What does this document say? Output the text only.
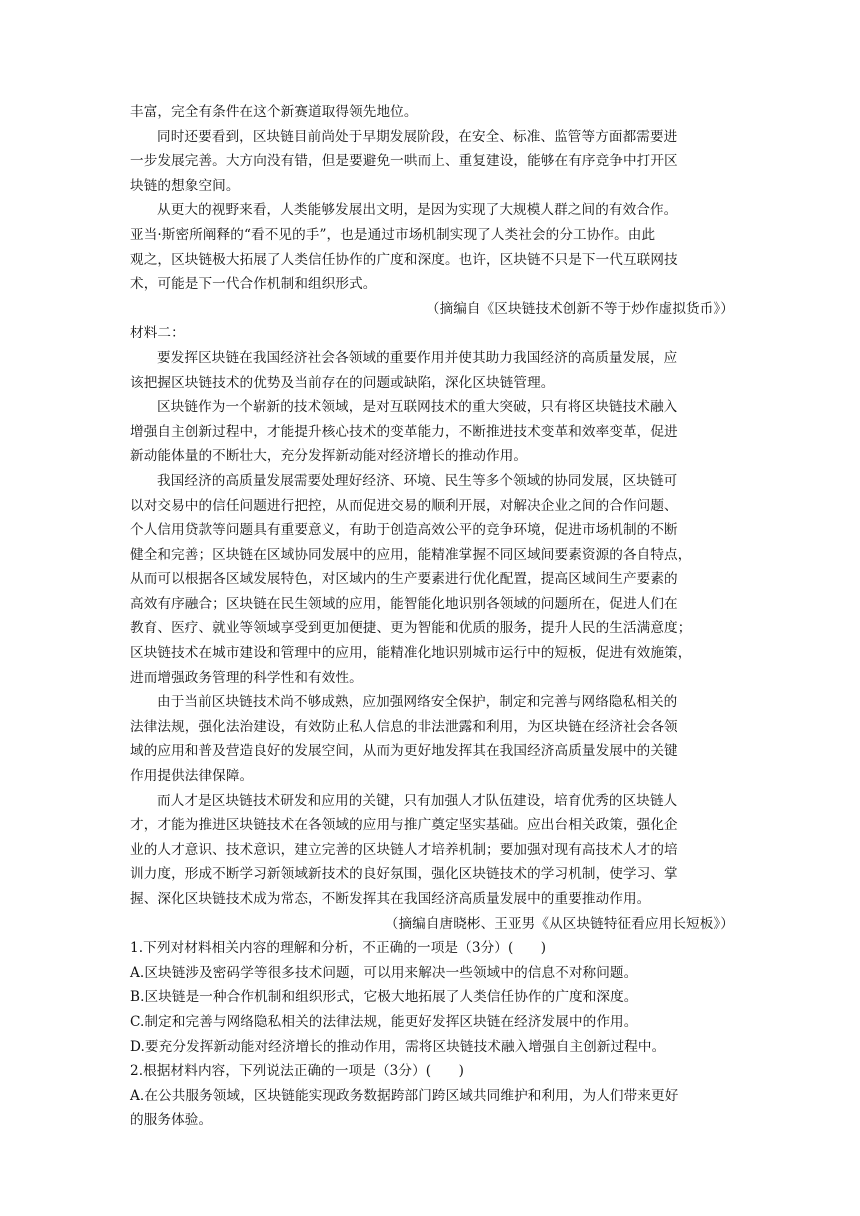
丰富，完全有条件在这个新赛道取得领先地位。
同时还要看到，区块链目前尚处于早期发展阶段，在安全、标准、监管等方面都需要进
一步发展完善。大方向没有错，但是要避免一哄而上、重复建设，能够在有序竞争中打开区
块链的想象空间。
从更大的视野来看，人类能够发展出文明，是因为实现了大规模人群之间的有效合作。
亚当·斯密所阐释的“看不见的手”，也是通过市场机制实现了人类社会的分工协作。由此
观之，区块链极大拓展了人类信任协作的广度和深度。也许，区块链不只是下一代互联网技
术，可能是下一代合作机制和组织形式。
（摘编自《区块链技术创新不等于炒作虚拟货币》）
材料二：
要发挥区块链在我国经济社会各领域的重要作用并使其助力我国经济的高质量发展，应
该把握区块链技术的优势及当前存在的问题或缺陷，深化区块链管理。
区块链作为一个崭新的技术领域，是对互联网技术的重大突破，只有将区块链技术融入
增强自主创新过程中，才能提升核心技术的变革能力，不断推进技术变革和效率变革，促进
新动能体量的不断壮大，充分发挥新动能对经济增长的推动作用。
我国经济的高质量发展需要处理好经济、环境、民生等多个领域的协同发展，区块链可
以对交易中的信任问题进行把控，从而促进交易的顺利开展，对解决企业之间的合作问题、
个人信用贷款等问题具有重要意义，有助于创造高效公平的竞争环境，促进市场机制的不断
健全和完善；区块链在区域协同发展中的应用，能精准掌握不同区域间要素资源的各自特点，
从而可以根据各区域发展特色，对区域内的生产要素进行优化配置，提高区域间生产要素的
高效有序融合；区块链在民生领域的应用，能智能化地识别各领域的问题所在，促进人们在
教育、医疗、就业等领域享受到更加便捷、更为智能和优质的服务，提升人民的生活满意度；
区块链技术在城市建设和管理中的应用，能精准化地识别城市运行中的短板，促进有效施策，
进而增强政务管理的科学性和有效性。
由于当前区块链技术尚不够成熟，应加强网络安全保护，制定和完善与网络隐私相关的
法律法规，强化法治建设，有效防止私人信息的非法泄露和利用，为区块链在经济社会各领
域的应用和普及营造良好的发展空间，从而为更好地发挥其在我国经济高质量发展中的关键
作用提供法律保障。
而人才是区块链技术研发和应用的关键，只有加强人才队伍建设，培育优秀的区块链人
才，才能为推进区块链技术在各领域的应用与推广奠定坚实基础。应出台相关政策，强化企
业的人才意识、技术意识，建立完善的区块链人才培养机制；要加强对现有高技术人才的培
训力度，形成不断学习新领域新技术的良好氛围，强化区块链技术的学习机制，使学习、掌
握、深化区块链技术成为常态，不断发挥其在我国经济高质量发展中的重要推动作用。
（摘编自唐晓彬、王亚男《从区块链特征看应用长短板》）
1.下列对材料相关内容的理解和分析，不正确的一项是（3分）(　　)
A.区块链涉及密码学等很多技术问题，可以用来解决一些领域中的信息不对称问题。
B.区块链是一种合作机制和组织形式，它极大地拓展了人类信任协作的广度和深度。
C.制定和完善与网络隐私相关的法律法规，能更好发挥区块链在经济发展中的作用。
D.要充分发挥新动能对经济增长的推动作用，需将区块链技术融入增强自主创新过程中。
2.根据材料内容，下列说法正确的一项是（3分）(　　)
A.在公共服务领域，区块链能实现政务数据跨部门跨区域共同维护和利用，为人们带来更好
的服务体验。
